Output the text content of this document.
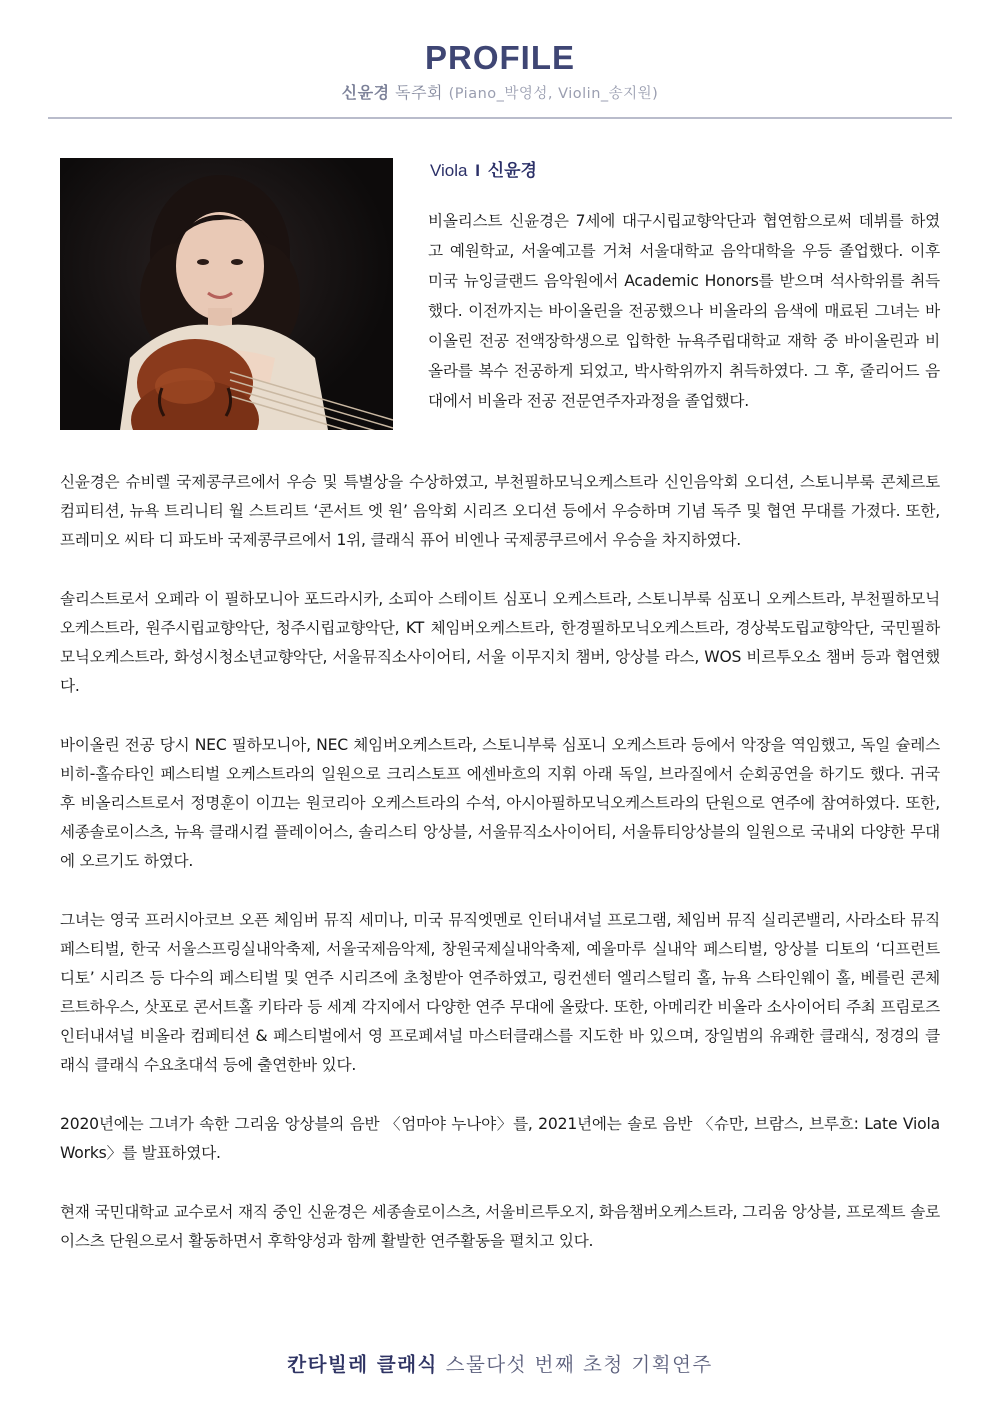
PROFILE
신윤경 독주회 (Piano_박영성, Violin_송지원)
Viola I 신윤경

비올리스트 신윤경은 7세에 대구시립교향악단과 협연함으로써 데뷔를 하였고 예원학교, 서울예고를 거쳐 서울대학교 음악대학을 우등 졸업했다. 이후 미국 뉴잉글랜드 음악원에서 Academic Honors를 받으며 석사학위를 취득했다. 이전까지는 바이올린을 전공했으나 비올라의 음색에 매료된 그녀는 바이올린 전공 전액장학생으로 입학한 뉴욕주립대학교 재학 중 바이올린과 비올라를 복수 전공하게 되었고, 박사학위까지 취득하였다. 그 후, 줄리어드 음대에서 비올라 전공 전문연주자과정을 졸업했다.

신윤경은 슈비렐 국제콩쿠르에서 우승 및 특별상을 수상하였고, 부천필하모닉오케스트라 신인음악회 오디션, 스토니부룩 콘체르토 컴피티션, 뉴욕 트리니티 월 스트리트 ‘콘서트 엣 원’ 음악회 시리즈 오디션 등에서 우승하며 기념 독주 및 협연 무대를 가졌다. 또한, 프레미오 씨타 디 파도바 국제콩쿠르에서 1위, 클래식 퓨어 비엔나 국제콩쿠르에서 우승을 차지하였다.

솔리스트로서 오페라 이 필하모니아 포드라시카, 소피아 스테이트 심포니 오케스트라, 스토니부룩 심포니 오케스트라, 부천필하모닉오케스트라, 원주시립교향악단, 청주시립교향악단, KT 체임버오케스트라, 한경필하모닉오케스트라, 경상북도립교향악단, 국민필하모닉오케스트라, 화성시청소년교향악단, 서울뮤직소사이어티, 서울 이무지치 챔버, 앙상블 라스, WOS 비르투오소 챔버 등과 협연했다.

바이올린 전공 당시 NEC 필하모니아, NEC 체임버오케스트라, 스토니부룩 심포니 오케스트라 등에서 악장을 역임했고, 독일 슐레스비히-홀슈타인 페스티벌 오케스트라의 일원으로 크리스토프 에센바흐의 지휘 아래 독일, 브라질에서 순회공연을 하기도 했다. 귀국 후 비올리스트로서 정명훈이 이끄는 원코리아 오케스트라의 수석, 아시아필하모닉오케스트라의 단원으로 연주에 참여하였다. 또한, 세종솔로이스츠, 뉴욕 클래시컬 플레이어스, 솔리스티 앙상블, 서울뮤직소사이어티, 서울튜티앙상블의 일원으로 국내외 다양한 무대에 오르기도 하였다.

그녀는 영국 프러시아코브 오픈 체임버 뮤직 세미나, 미국 뮤직엣멘로 인터내셔널 프로그램, 체임버 뮤직 실리콘밸리, 사라소타 뮤직 페스티벌, 한국 서울스프링실내악축제, 서울국제음악제, 창원국제실내악축제, 예울마루 실내악 페스티벌, 앙상블 디토의 ‘디프런트 디토’ 시리즈 등 다수의 페스티벌 및 연주 시리즈에 초청받아 연주하였고, 링컨센터 엘리스털리 홀, 뉴욕 스타인웨이 홀, 베를린 콘체르트하우스, 삿포로 콘서트홀 키타라 등 세계 각지에서 다양한 연주 무대에 올랐다. 또한, 아메리칸 비올라 소사이어티 주최 프림로즈 인터내셔널 비올라 컴페티션 & 페스티벌에서 영 프로페셔널 마스터클래스를 지도한 바 있으며, 장일범의 유쾌한 클래식, 정경의 클래식 클래식 수요초대석 등에 출연한바 있다.

2020년에는 그녀가 속한 그리움 앙상블의 음반 〈엄마야 누나야〉를, 2021년에는 솔로 음반 〈슈만, 브람스, 브루흐: Late Viola Works〉를 발표하였다.

현재 국민대학교 교수로서 재직 중인 신윤경은 세종솔로이스츠, 서울비르투오지, 화음챔버오케스트라, 그리움 앙상블, 프로젝트 솔로이스츠 단원으로서 활동하면서 후학양성과 함께 활발한 연주활동을 펼치고 있다.

칸타빌레 클래식 스물다섯 번째 초청 기획연주
